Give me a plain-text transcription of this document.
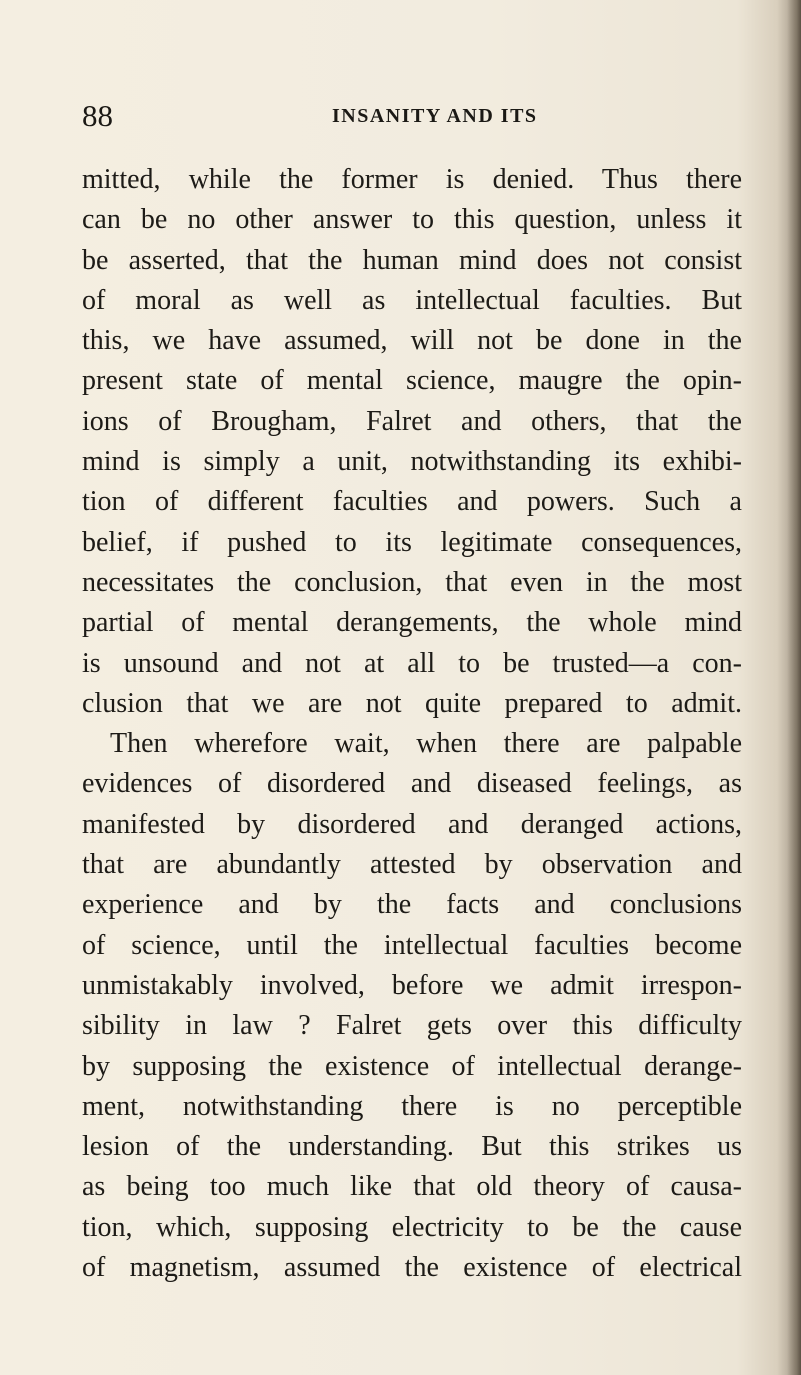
88	INSANITY AND ITS
mitted, while the former is denied. Thus there
can be no other answer to this question, unless it
be asserted, that the human mind does not consist
of moral as well as intellectual faculties. But
this, we have assumed, will not be done in the
present state of mental science, maugre the opin-
ions of Brougham, Falret and others, that the
mind is simply a unit, notwithstanding its exhibi-
tion of different faculties and powers. Such a
belief, if pushed to its legitimate consequences,
necessitates the conclusion, that even in the most
partial of mental derangements, the whole mind
is unsound and not at all to be trusted—a con-
clusion that we are not quite prepared to admit.
Then wherefore wait, when there are palpable
evidences of disordered and diseased feelings, as
manifested by disordered and deranged actions,
that are abundantly attested by observation and
experience and by the facts and conclusions
of science, until the intellectual faculties become
unmistakably involved, before we admit irrespon-
sibility in law ? Falret gets over this difficulty
by supposing the existence of intellectual derange-
ment, notwithstanding there is no perceptible
lesion of the understanding. But this strikes us
as being too much like that old theory of causa-
tion, which, supposing electricity to be the cause
of magnetism, assumed the existence of electrical
